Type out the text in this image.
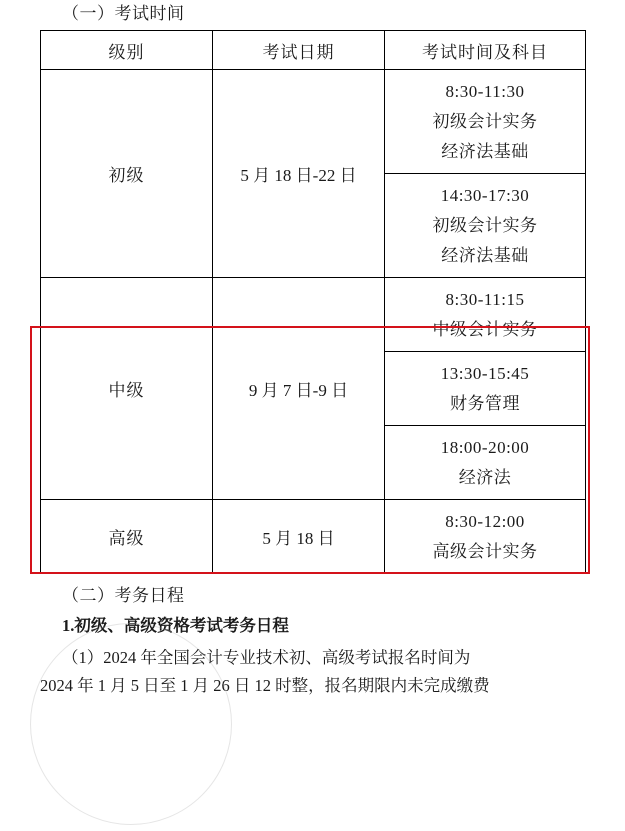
（一）考试时间
级别	考试日期	考试时间及科目
初级	5 月 18 日-22 日	8:30-11:30
初级会计实务
经济法基础

		14:30-17:30
初级会计实务
经济法基础

中级	9 月 7 日-9 日	8:30-11:15
中级会计实务

		13:30-15:45
财务管理

		18:00-20:00
经济法

高级	5 月 18 日	8:30-12:00
高级会计实务
（二）考务日程
1.初级、高级资格考试考务日程
（1）2024 年全国会计专业技术初、高级考试报名时间为
2024 年 1 月 5 日至 1 月 26 日 12 时整，报名期限内未完成缴费
